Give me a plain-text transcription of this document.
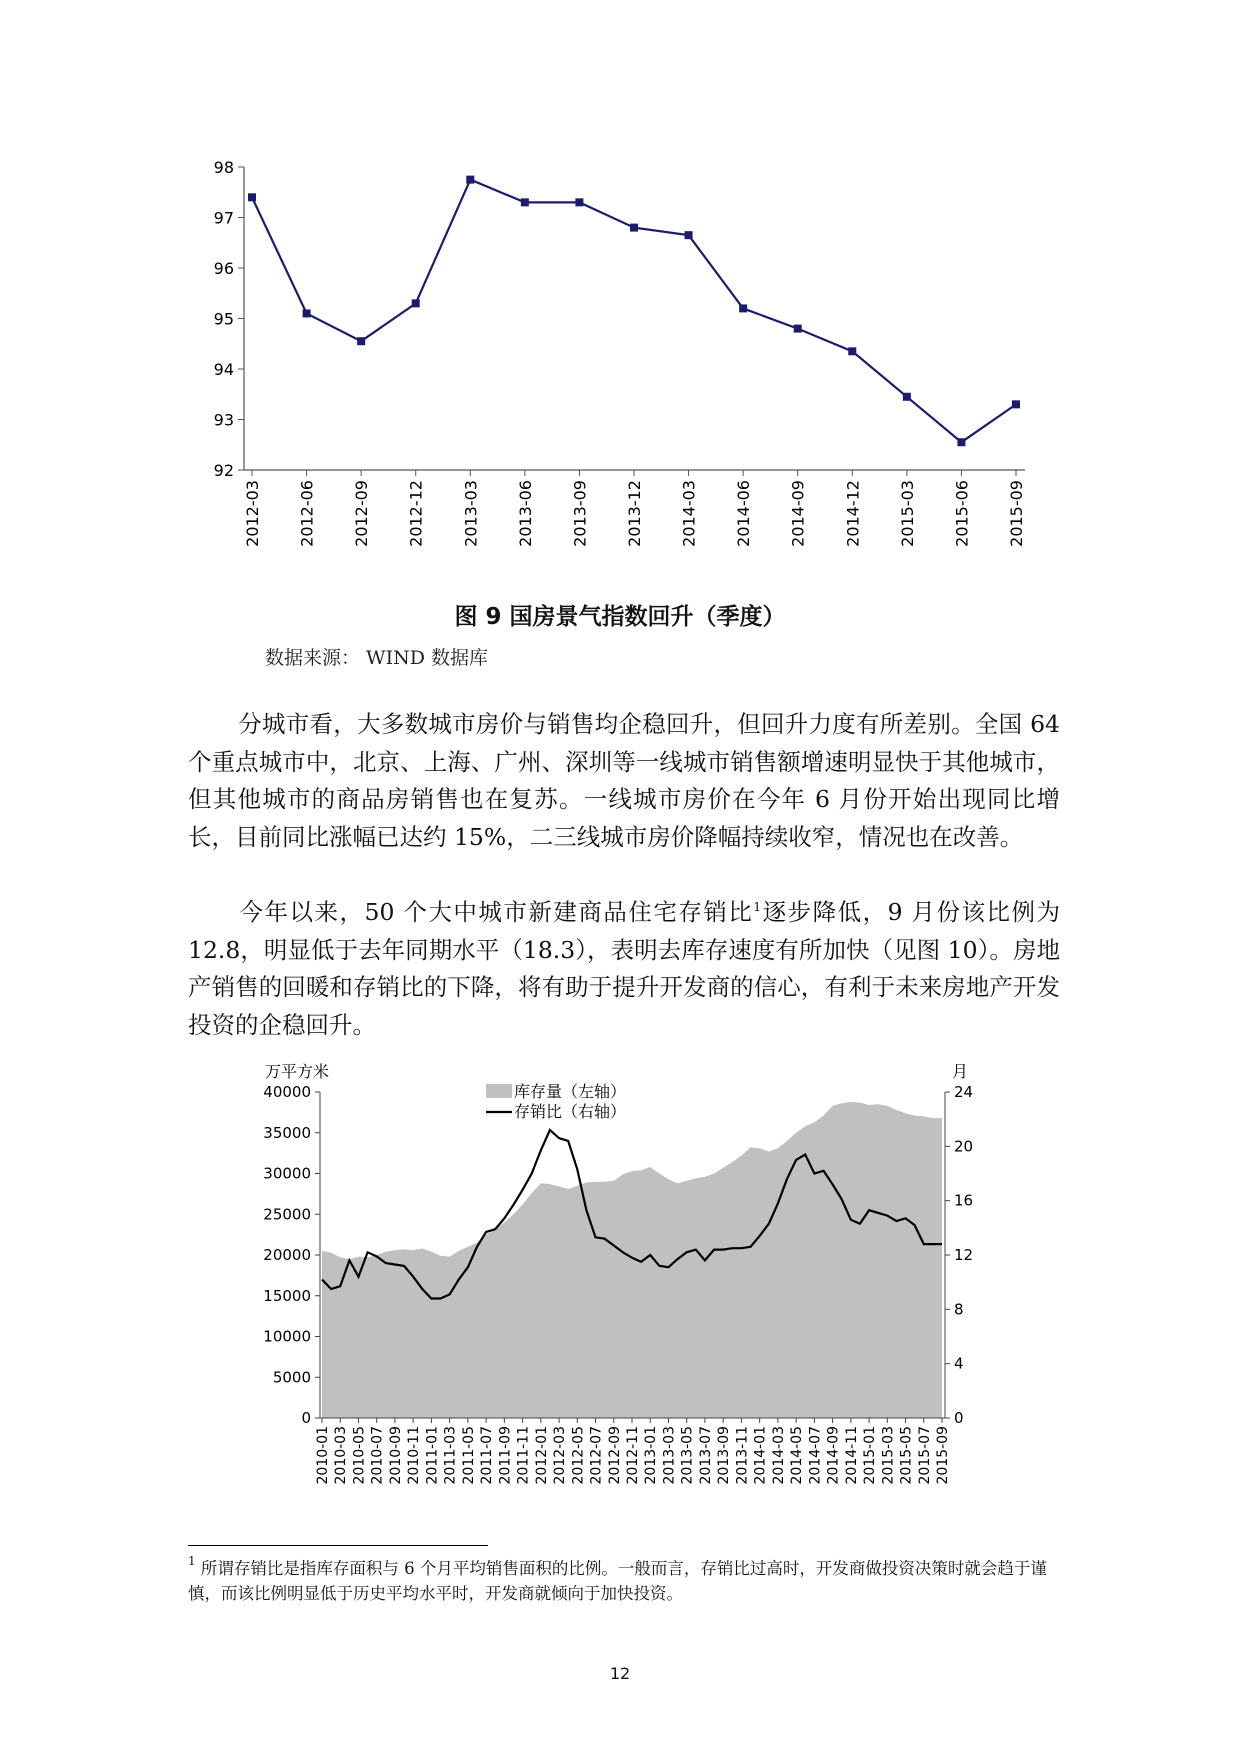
92
93
94
95
96
97
98
2012-03 2012-06 2012-09 2012-12 2013-03 2013-06 2013-09 2013-12 2014-03 2014-06 2014-09 2014-12 2015-03 2015-06 2015-09
图 9 国房景气指数回升（季度）
数据来源： WIND 数据库

分城市看，大多数城市房价与销售均企稳回升，但回升力度有所差别。全国 64 个重点城市中，北京、上海、广州、深圳等一线城市销售额增速明显快于其他城市，但其他城市的商品房销售也在复苏。一线城市房价在今年 6 月份开始出现同比增长，目前同比涨幅已达约 15%，二三线城市房价降幅持续收窄，情况也在改善。

今年以来，50 个大中城市新建商品住宅存销比$^1$逐步降低，9 月份该比例为 12.8，明显低于去年同期水平（18.3），表明去库存速度有所加快（见图 10）。房地产销售的回暖和存销比的下降，将有助于提升开发商的信心，有利于未来房地产开发投资的企稳回升。

0
5000
10000
15000
20000
25000
30000
35000
40000
0
4
8
12
16
20
24
2010-01 2010-03 2010-05 2010-07 2010-09 2010-11 2011-01 2011-03 2011-05 2011-07 2011-09 2011-11 2012-01 2012-03 2012-05 2012-07 2012-09 2012-11 2013-01 2013-03 2013-05 2013-07 2013-09 2013-11 2014-01 2014-03 2014-05 2014-07 2014-09 2014-11 2015-01 2015-03 2015-05 2015-07 2015-09
万平方米	月
库存量（左轴）
存销比（右轴）

$^1$ 所谓存销比是指库存面积与 6 个月平均销售面积的比例。一般而言，存销比过高时，开发商做投资决策时就会趋于谨慎，而该比例明显低于历史平均水平时，开发商就倾向于加快投资。

12
